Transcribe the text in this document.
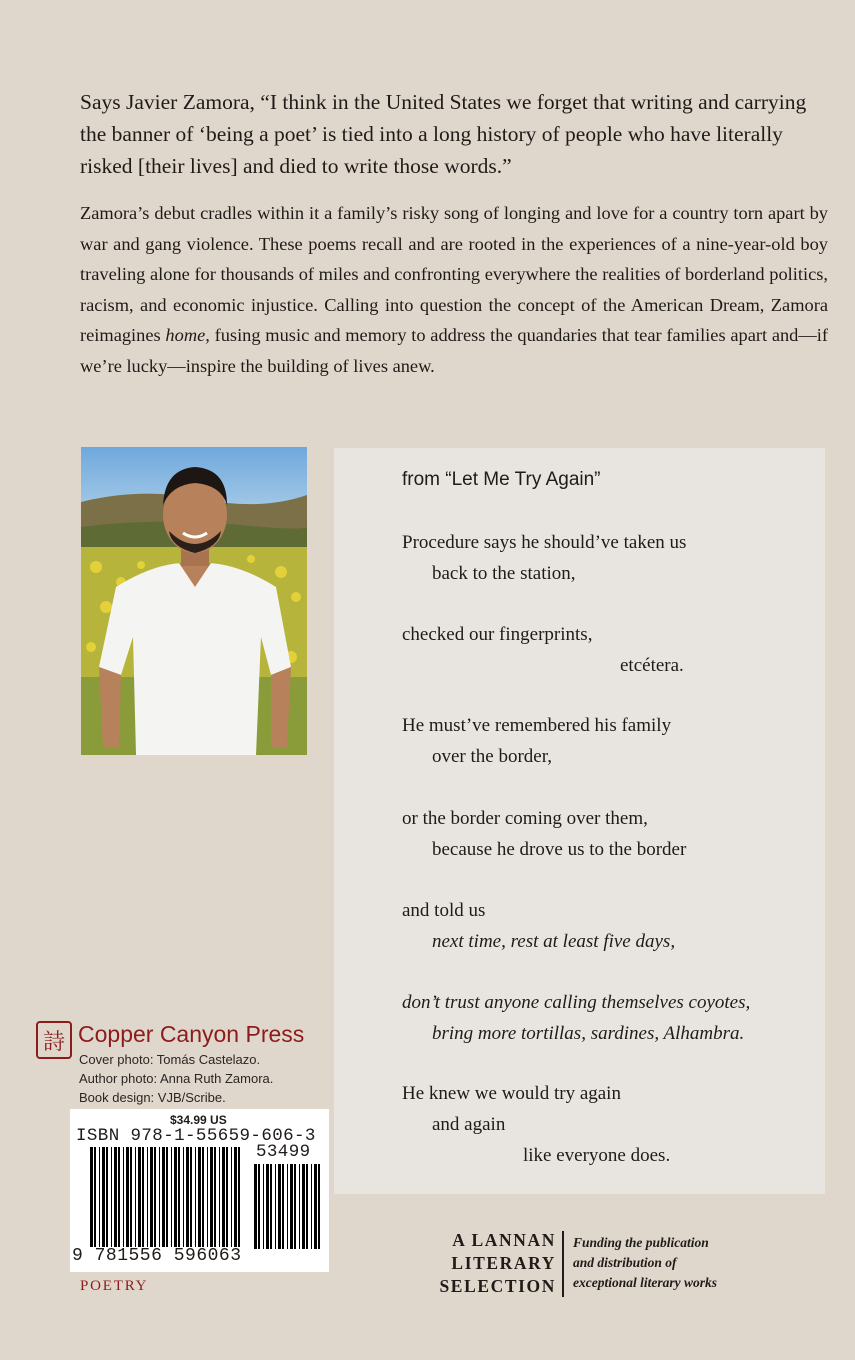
Says Javier Zamora, “I think in the United States we forget that writing and carrying the banner of ‘being a poet’ is tied into a long history of people who have literally risked [their lives] and died to write those words.”
Zamora’s debut cradles within it a family’s risky song of longing and love for a country torn apart by war and gang violence. These poems recall and are rooted in the experiences of a nine-year-old boy traveling alone for thousands of miles and confronting everywhere the realities of borderland politics, racism, and economic injustice. Calling into question the concept of the American Dream, Zamora reimagines home, fusing music and memory to address the quandaries that tear families apart and—if we’re lucky—inspire the building of lives anew.
from “Let Me Try Again”
Procedure says he should’ve taken us
back to the station,
checked our fingerprints,
etcétera.
He must’ve remembered his family
over the border,
or the border coming over them,
because he drove us to the border
and told us
next time, rest at least five days,
don’t trust anyone calling themselves coyotes,
bring more tortillas, sardines, Alhambra.
He knew we would try again
and again
like everyone does.
詩 Copper Canyon Press
Cover photo: Tomás Castelazo.
Author photo: Anna Ruth Zamora.
Book design: VJB/Scribe.
$34.99 US
ISBN 978-1-55659-606-3
53499
9 781556 596063
POETRY
A LANNAN
LITERARY
SELECTION
Funding the publication
and distribution of
exceptional literary works
